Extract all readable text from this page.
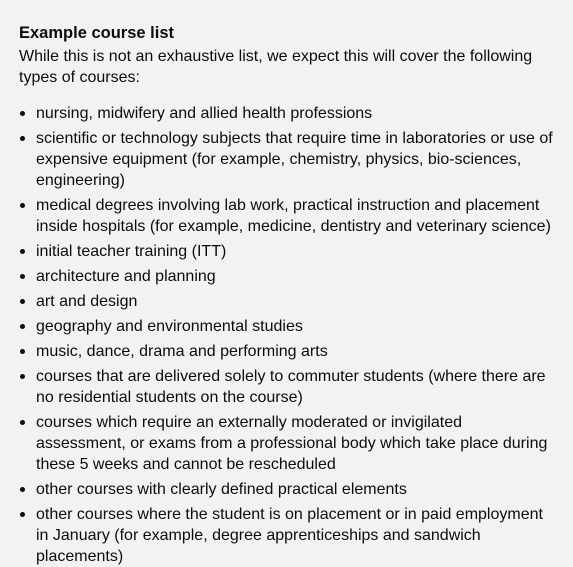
Example course list

While this is not an exhaustive list, we expect this will cover the following types of courses:

nursing, midwifery and allied health professions
scientific or technology subjects that require time in laboratories or use of expensive equipment (for example, chemistry, physics, bio-sciences, engineering)
medical degrees involving lab work, practical instruction and placement inside hospitals (for example, medicine, dentistry and veterinary science)
initial teacher training (ITT)
architecture and planning
art and design
geography and environmental studies
music, dance, drama and performing arts
courses that are delivered solely to commuter students (where there are no residential students on the course)
courses which require an externally moderated or invigilated assessment, or exams from a professional body which take place during these 5 weeks and cannot be rescheduled
other courses with clearly defined practical elements
other courses where the student is on placement or in paid employment in January (for example, degree apprenticeships and sandwich placements)
